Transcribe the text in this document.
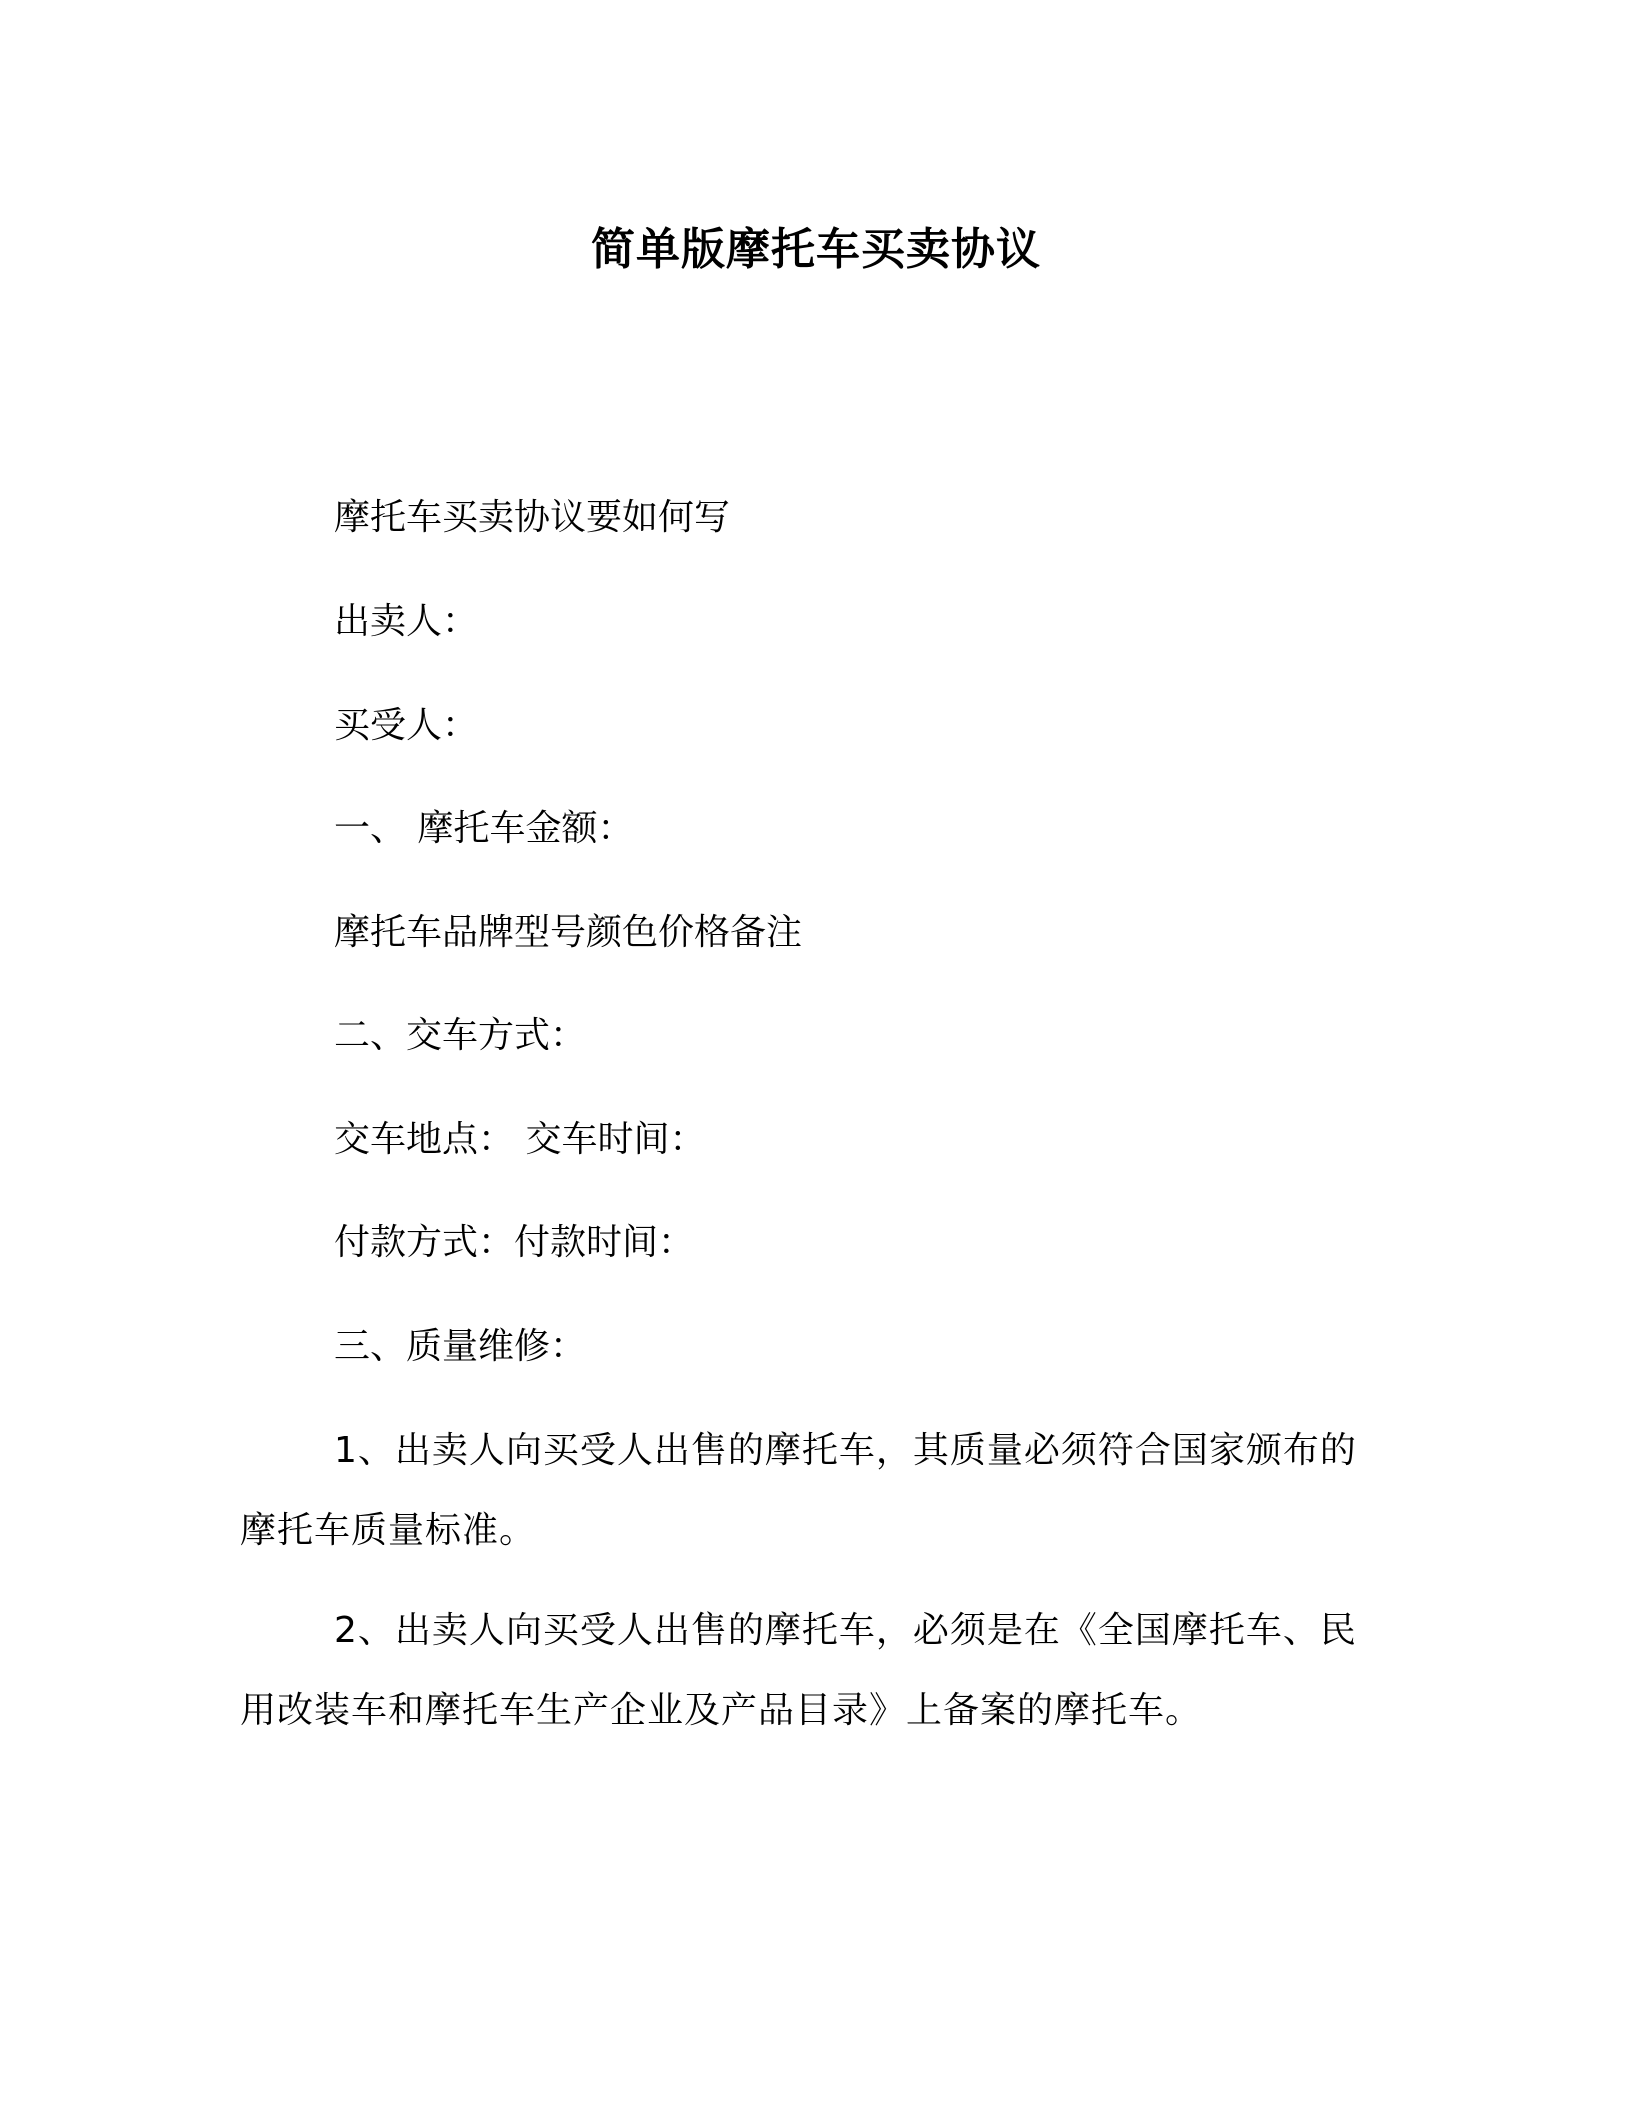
简单版摩托车买卖协议
摩托车买卖协议要如何写
出卖人：
买受人：
一、 摩托车金额：
摩托车品牌型号颜色价格备注
二、交车方式：
交车地点： 交车时间：
付款方式：付款时间：
三、质量维修：
1、出卖人向买受人出售的摩托车，其质量必须符合国家颁布的摩托车质量标准。
2、出卖人向买受人出售的摩托车，必须是在《全国摩托车、民用改装车和摩托车生产企业及产品目录》上备案的摩托车。
